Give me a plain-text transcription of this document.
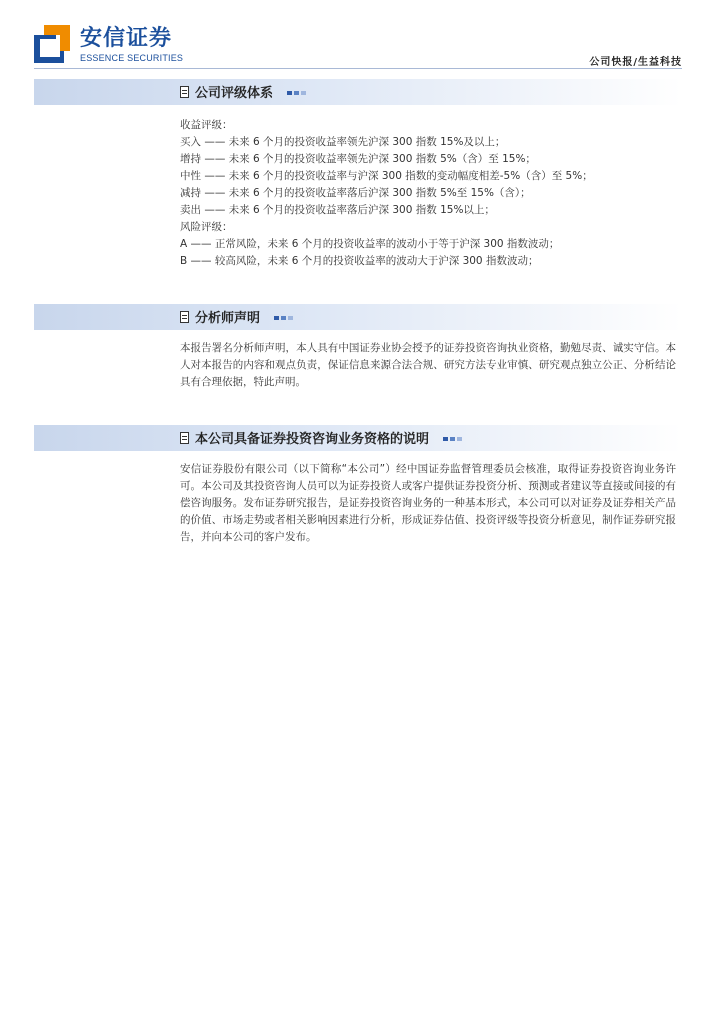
安信证券
ESSENCE SECURITIES	公司快报/生益科技
公司评级体系

收益评级：

买入 —— 未来 6 个月的投资收益率领先沪深 300 指数 15%及以上；

增持 —— 未来 6 个月的投资收益率领先沪深 300 指数 5%（含）至 15%；

中性 —— 未来 6 个月的投资收益率与沪深 300 指数的变动幅度相差-5%（含）至 5%；

减持 —— 未来 6 个月的投资收益率落后沪深 300 指数 5%至 15%（含）；

卖出 —— 未来 6 个月的投资收益率落后沪深 300 指数 15%以上；

风险评级：

A —— 正常风险，未来 6 个月的投资收益率的波动小于等于沪深 300 指数波动；

B —— 较高风险，未来 6 个月的投资收益率的波动大于沪深 300 指数波动；

分析师声明
本报告署名分析师声明，本人具有中国证券业协会授予的证券投资咨询执业资格，勤勉尽责、诚实守信。本人对本报告的内容和观点负责，保证信息来源合法合规、研究方法专业审慎、研究观点独立公正、分析结论具有合理依据，特此声明。
本公司具备证券投资咨询业务资格的说明
安信证券股份有限公司（以下简称“本公司”）经中国证券监督管理委员会核准，取得证券投资咨询业务许可。本公司及其投资咨询人员可以为证券投资人或客户提供证券投资分析、预测或者建议等直接或间接的有偿咨询服务。发布证券研究报告，是证券投资咨询业务的一种基本形式，本公司可以对证券及证券相关产品的价值、市场走势或者相关影响因素进行分析，形成证券估值、投资评级等投资分析意见，制作证券研究报告，并向本公司的客户发布。
